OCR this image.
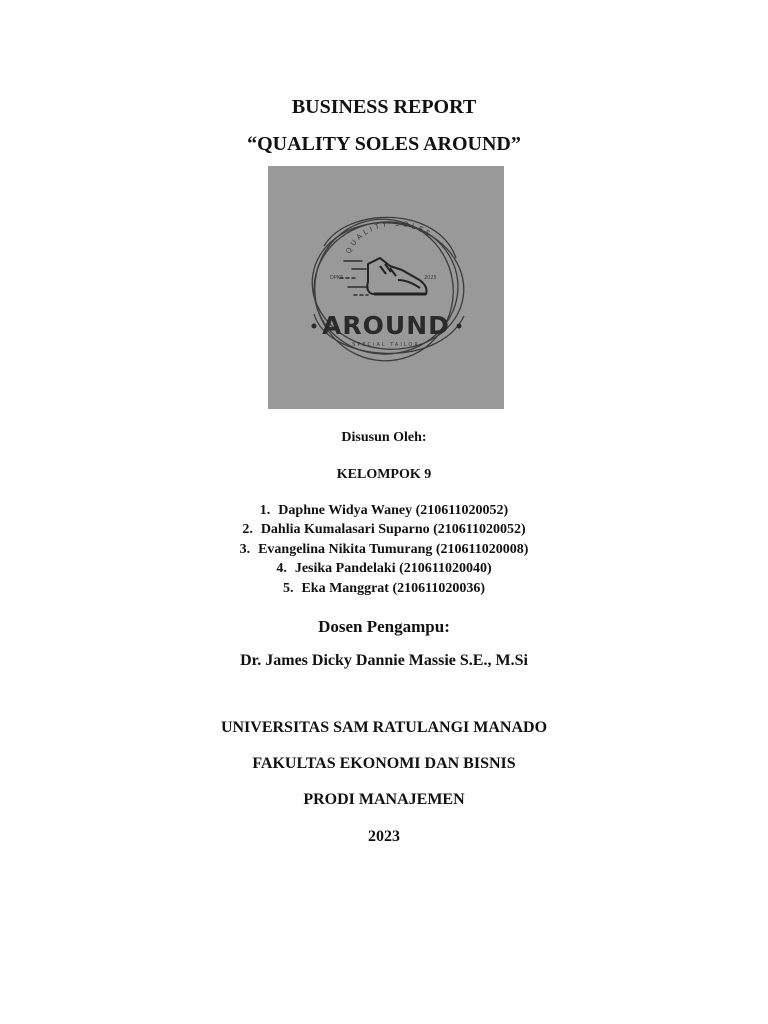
BUSINESS REPORT
“QUALITY SOLES AROUND”
QUALITY SOLES
DPKS	2025
AROUND
SPECIAL TAILOR
Disusun Oleh:
KELOMPOK 9
1. Daphne Widya Waney (210611020052)
2. Dahlia Kumalasari Suparno (210611020052)
3. Evangelina Nikita Tumurang (210611020008)
4. Jesika Pandelaki (210611020040)
5. Eka Manggrat (210611020036)
Dosen Pengampu:
Dr. James Dicky Dannie Massie S.E., M.Si
UNIVERSITAS SAM RATULANGI MANADO
FAKULTAS EKONOMI DAN BISNIS
PRODI MANAJEMEN
2023
